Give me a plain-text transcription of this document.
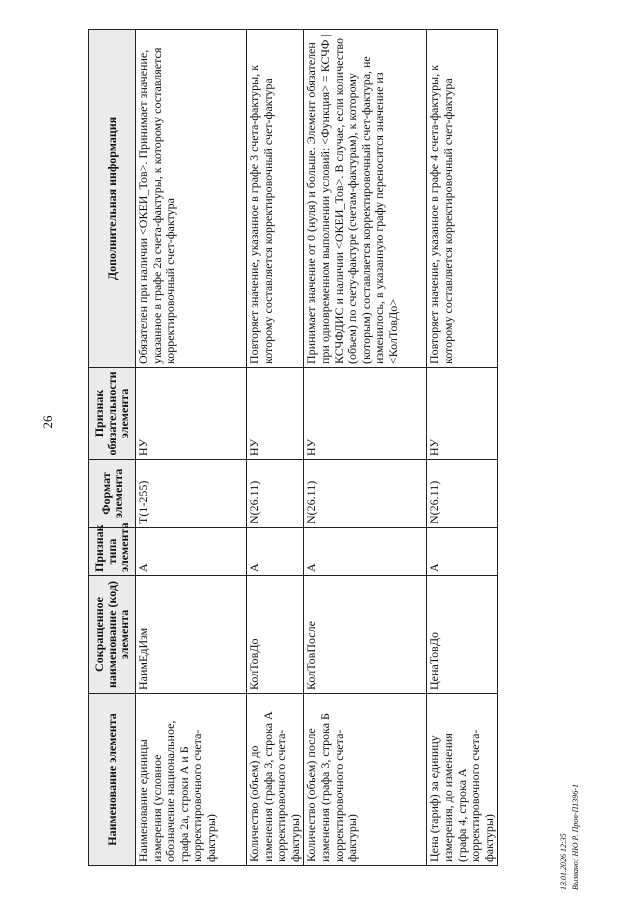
26
Наименование элемента	Сокращенное наименование (код) элемента	Признак типа элемента	Формат элемента	Признак обязательности элемента	Дополнительная информация
Наименование единицы измерения (условное обозначение национальное, графа 2а, строки А и Б корректировочного счета-фактуры)	НаимЕдИзм	А	Т(1-255)	НУ	Обязателен при наличии <ОКЕИ_Тов>. Принимает значение, указанное в графе 2а счета-фактуры, к которому составляется корректировочный счет-фактура
Количество (объем) до изменения (графа 3, строка А корректировочного счета-фактуры)	КолТовДо	А	N(26.11)	НУ	Повторяет значение, указанное в графе 3 счета-фактуры, к которому составляется корректировочный счет-фактура
Количество (объем) после изменения (графа 3, строка Б корректировочного счета-фактуры)	КолТовПосле	А	N(26.11)	НУ	Принимает значение от 0 (нуля) и больше. Элемент обязателен при одновременном выполнении условий: <Функция> = КСЧФ | КСЧФДИС и наличии <ОКЕИ_Тов>. В случае, если количество (объем) по счету-фактуре (счетам-фактурам), к которому (которым) составляется корректировочный счет-фактура, не изменилось, в указанную графу переносится значение из <КолТовДо>
Цена (тариф) за единицу измерения, до изменения (графа 4, строка А корректировочного счета-фактуры)	ЦенаТовДо	А	N(26.11)	НУ	Повторяет значение, указанное в графе 4 счета-фактуры, к которому составляется корректировочный счет-фактура
13.01.2026 12:35 Вызвано: НЮ Р. Пров-П1396-1
